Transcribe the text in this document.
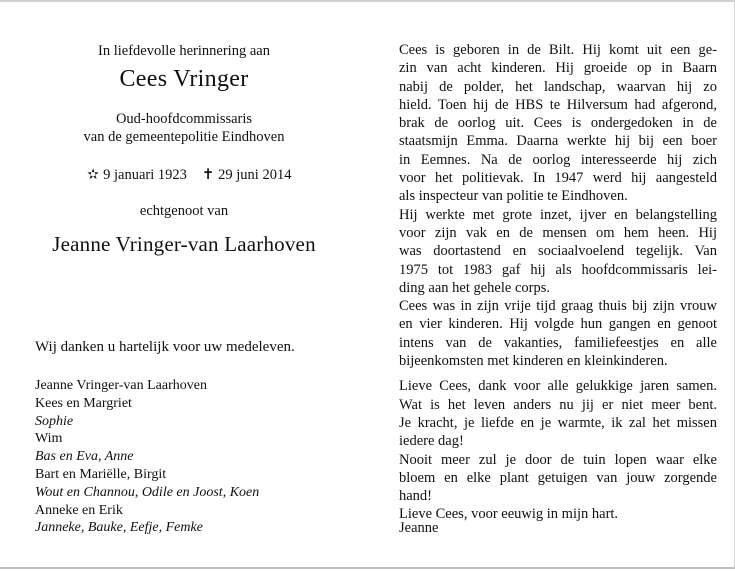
In liefdevolle herinnering aan
Cees Vringer
Oud-hoofdcommissaris
van de gemeentepolitie Eindhoven
✫ 9 januari 1923 ✝ 29 juni 2014
echtgenoot van
Jeanne Vringer-van Laarhoven
Wij danken u hartelijk voor uw medeleven.
Jeanne Vringer-van Laarhoven
Kees en Margriet
Sophie
Wim
Bas en Eva, Anne
Bart en Mariëlle, Birgit
Wout en Channou, Odile en Joost, Koen
Anneke en Erik
Janneke, Bauke, Eefje, Femke
Cees is geboren in de Bilt. Hij komt uit een ge-
zin van acht kinderen. Hij groeide op in Baarn
nabij de polder, het landschap, waarvan hij zo
hield. Toen hij de HBS te Hilversum had afgerond,
brak de oorlog uit. Cees is ondergedoken in de
staatsmijn Emma. Daarna werkte hij bij een boer
in Eemnes. Na de oorlog interesseerde hij zich
voor het politievak. In 1947 werd hij aangesteld
als inspecteur van politie te Eindhoven.
Hij werkte met grote inzet, ijver en belangstelling
voor zijn vak en de mensen om hem heen. Hij
was doortastend en sociaalvoelend tegelijk. Van
1975 tot 1983 gaf hij als hoofdcommissaris lei-
ding aan het gehele corps.
Cees was in zijn vrije tijd graag thuis bij zijn vrouw
en vier kinderen. Hij volgde hun gangen en genoot
intens van de vakanties, familiefeestjes en alle
bijeenkomsten met kinderen en kleinkinderen.
Lieve Cees, dank voor alle gelukkige jaren samen.
Wat is het leven anders nu jij er niet meer bent.
Je kracht, je liefde en je warmte, ik zal het missen
iedere dag!
Nooit meer zul je door de tuin lopen waar elke
bloem en elke plant getuigen van jouw zorgende
hand!
Lieve Cees, voor eeuwig in mijn hart.
Jeanne
